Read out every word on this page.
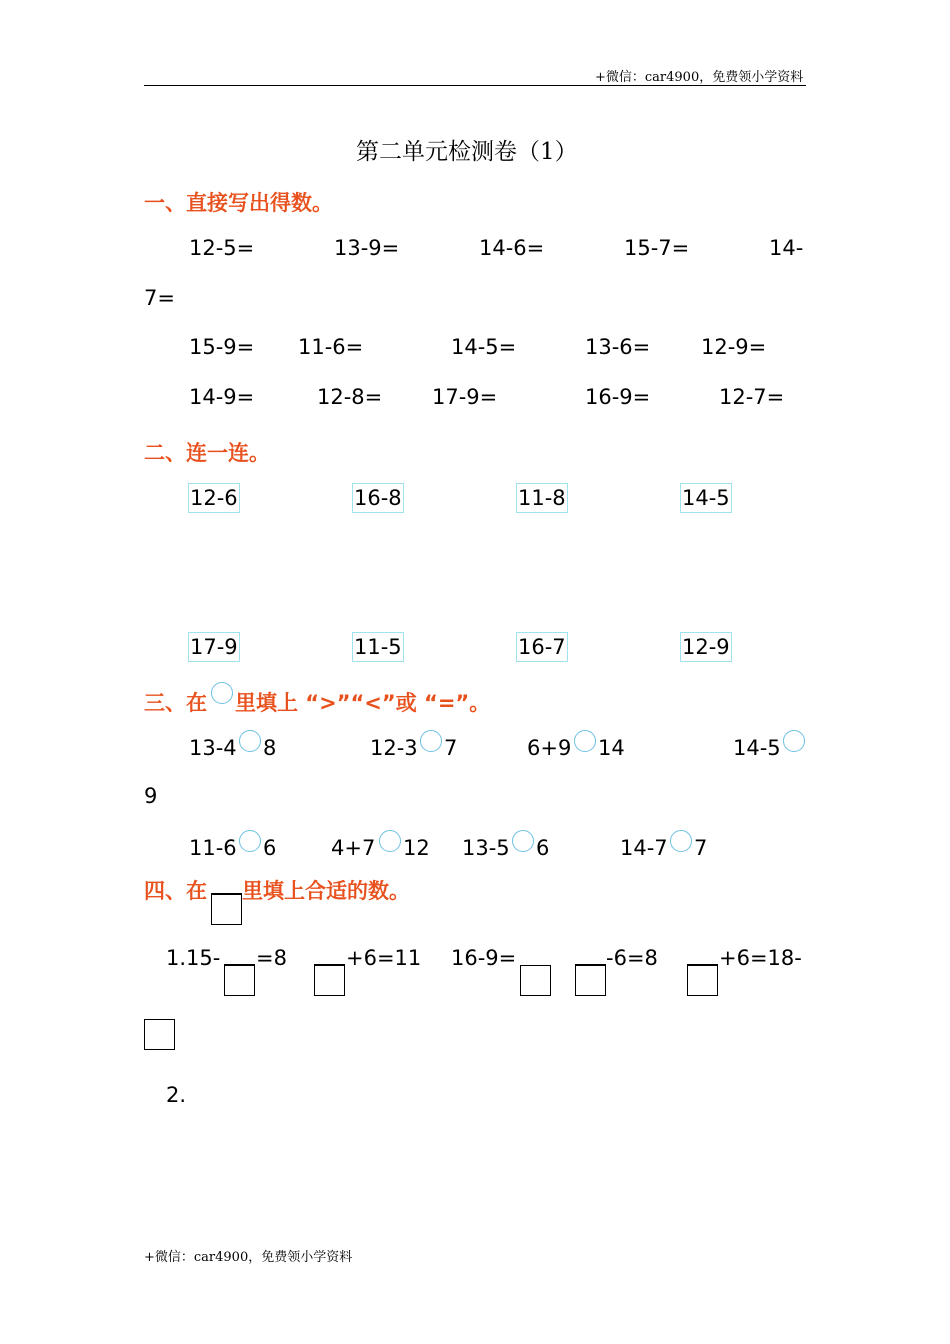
+微信：car4900，免费领小学资料
第二单元检测卷（1）
一、直接写出得数。
12-5=	13-9=	14-6=	15-7=	14-
7=
15-9= 11-6=	14-5=	13-6= 12-9=
14-9=	12-8= 17-9=	16-9=	12-7=
二、连一连。
12-6	16-8	11-8	14-5
17-9	11-5	16-7	12-9
三、在 里填上 “>”“<”或 “=”。
13-4 8	12-3 7	6+9 14	14-5
9
11-6 6	4+7 12 13-5 6	14-7 7
四、在 里填上合适的数。
1.15- =8	+6=11 16-9=	-6=8	+6=18-
2.
+微信：car4900，免费领小学资料
